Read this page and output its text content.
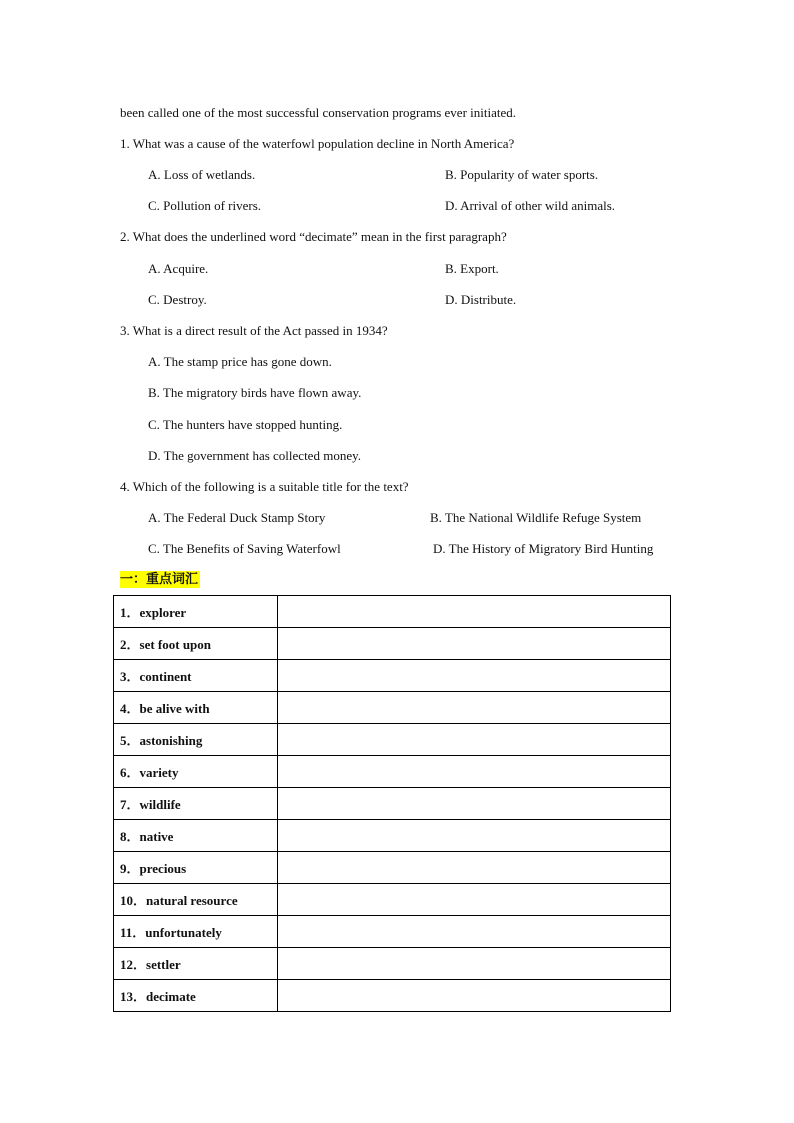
been called one of the most successful conservation programs ever initiated.
1. What was a cause of the waterfowl population decline in North America?
A. Loss of wetlands.	B. Popularity of water sports.
C. Pollution of rivers.	D. Arrival of other wild animals.
2. What does the underlined word “decimate” mean in the first paragraph?
A. Acquire.	B. Export.
C. Destroy.	D. Distribute.
3. What is a direct result of the Act passed in 1934?
A. The stamp price has gone down.
B. The migratory birds have flown away.
C. The hunters have stopped hunting.
D. The government has collected money.
4. Which of the following is a suitable title for the text?
A. The Federal Duck Stamp Story	B. The National Wildlife Refuge System
C. The Benefits of Saving Waterfowl	D. The History of Migratory Bird Hunting
一：重点词汇
1．explorer	
2．set foot upon	
3．continent	
4．be alive with	
5．astonishing	
6．variety	
7．wildlife	
8．native	
9．precious	
10．natural resource	
11．unfortunately	
12．settler	
13．decimate	
